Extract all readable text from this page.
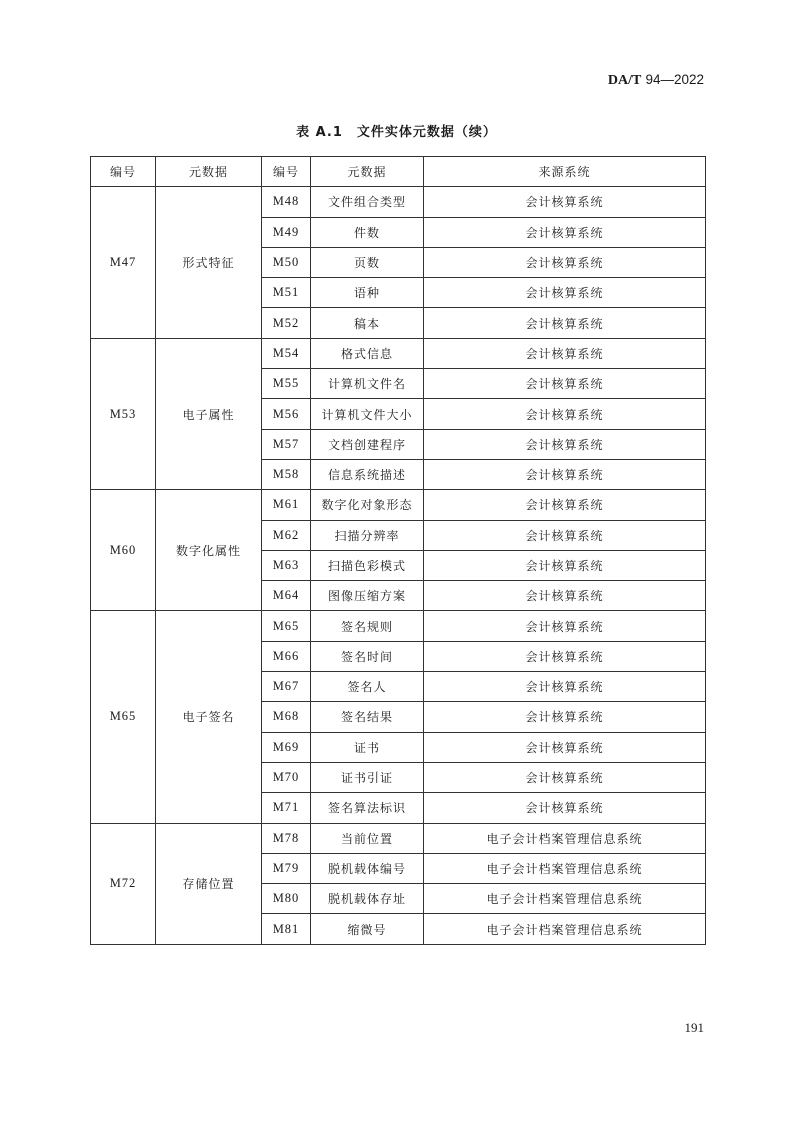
DA/T 94—2022
表 A.1　文件实体元数据（续）
编号	元数据	编号	元数据	来源系统
M47	形式特征	M48	文件组合类型	会计核算系统
		M49	件数	会计核算系统
		M50	页数	会计核算系统
		M51	语种	会计核算系统
		M52	稿本	会计核算系统
M53	电子属性	M54	格式信息	会计核算系统
		M55	计算机文件名	会计核算系统
		M56	计算机文件大小	会计核算系统
		M57	文档创建程序	会计核算系统
		M58	信息系统描述	会计核算系统
M60	数字化属性	M61	数字化对象形态	会计核算系统
		M62	扫描分辨率	会计核算系统
		M63	扫描色彩模式	会计核算系统
		M64	图像压缩方案	会计核算系统
M65	电子签名	M65	签名规则	会计核算系统
		M66	签名时间	会计核算系统
		M67	签名人	会计核算系统
		M68	签名结果	会计核算系统
		M69	证书	会计核算系统
		M70	证书引证	会计核算系统
		M71	签名算法标识	会计核算系统
M72	存储位置	M78	当前位置	电子会计档案管理信息系统
		M79	脱机载体编号	电子会计档案管理信息系统
		M80	脱机载体存址	电子会计档案管理信息系统
		M81	缩微号	电子会计档案管理信息系统
191
